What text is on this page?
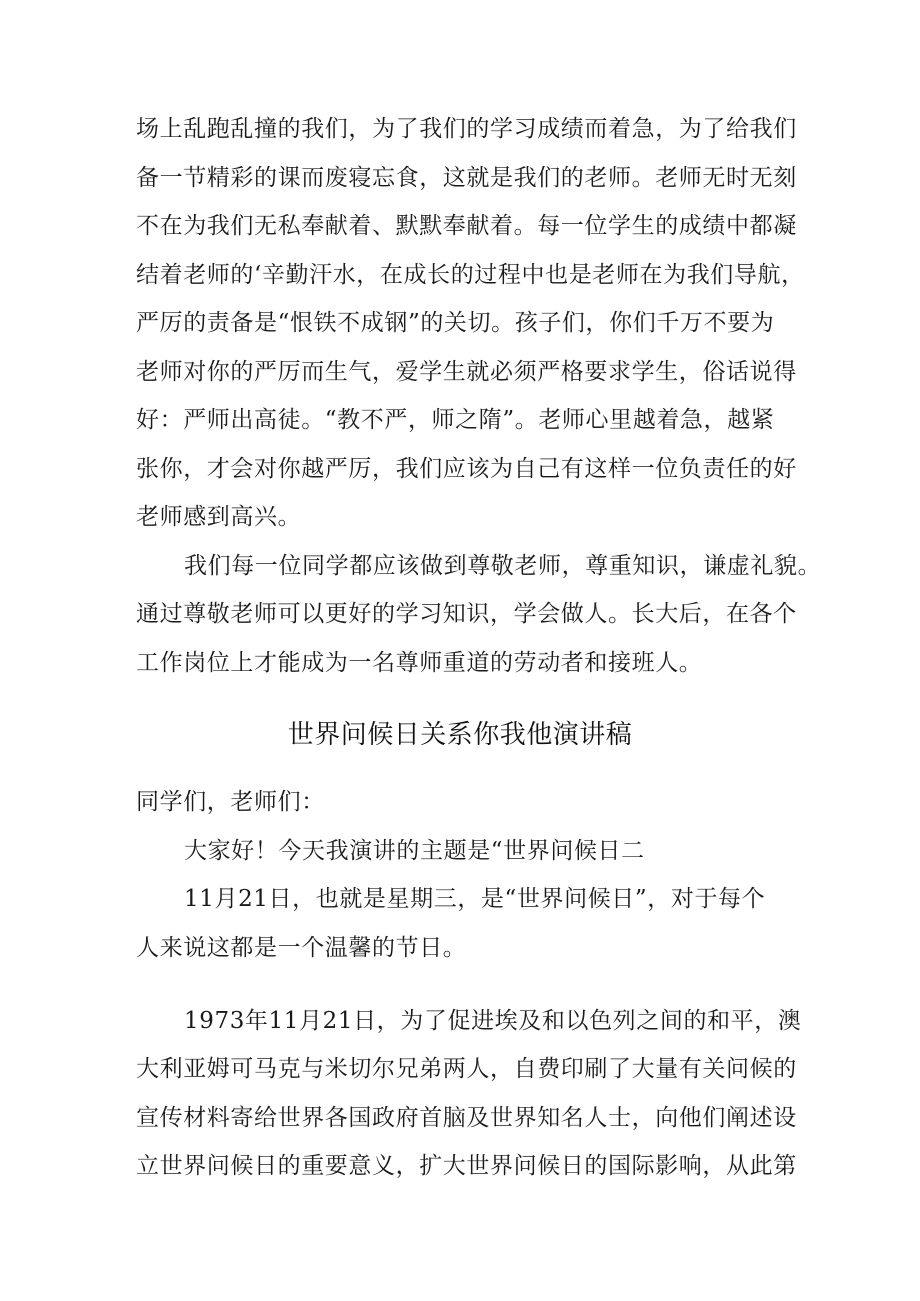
场上乱跑乱撞的我们，为了我们的学习成绩而着急，为了给我们
备一节精彩的课而废寝忘食，这就是我们的老师。老师无时无刻
不在为我们无私奉献着、默默奉献着。每一位学生的成绩中都凝
结着老师的‘辛勤汗水，在成长的过程中也是老师在为我们导航，
严厉的责备是“恨铁不成钢”的关切。孩子们，你们千万不要为
老师对你的严厉而生气，爱学生就必须严格要求学生，俗话说得
好：严师出高徒。“教不严，师之隋”。老师心里越着急，越紧
张你，才会对你越严厉，我们应该为自己有这样一位负责任的好
老师感到高兴。
我们每一位同学都应该做到尊敬老师，尊重知识，谦虚礼貌。
通过尊敬老师可以更好的学习知识，学会做人。长大后，在各个
工作岗位上才能成为一名尊师重道的劳动者和接班人。
世界问候日关系你我他演讲稿
同学们，老师们：
大家好！今天我演讲的主题是“世界问候日二
11月21日，也就是星期三，是“世界问候日”，对于每个
人来说这都是一个温馨的节日。
1973年11月21日，为了促进埃及和以色列之间的和平，澳
大利亚姆可马克与米切尔兄弟两人，自费印刷了大量有关问候的
宣传材料寄给世界各国政府首脑及世界知名人士，向他们阐述设
立世界问候日的重要意义，扩大世界问候日的国际影响，从此第
